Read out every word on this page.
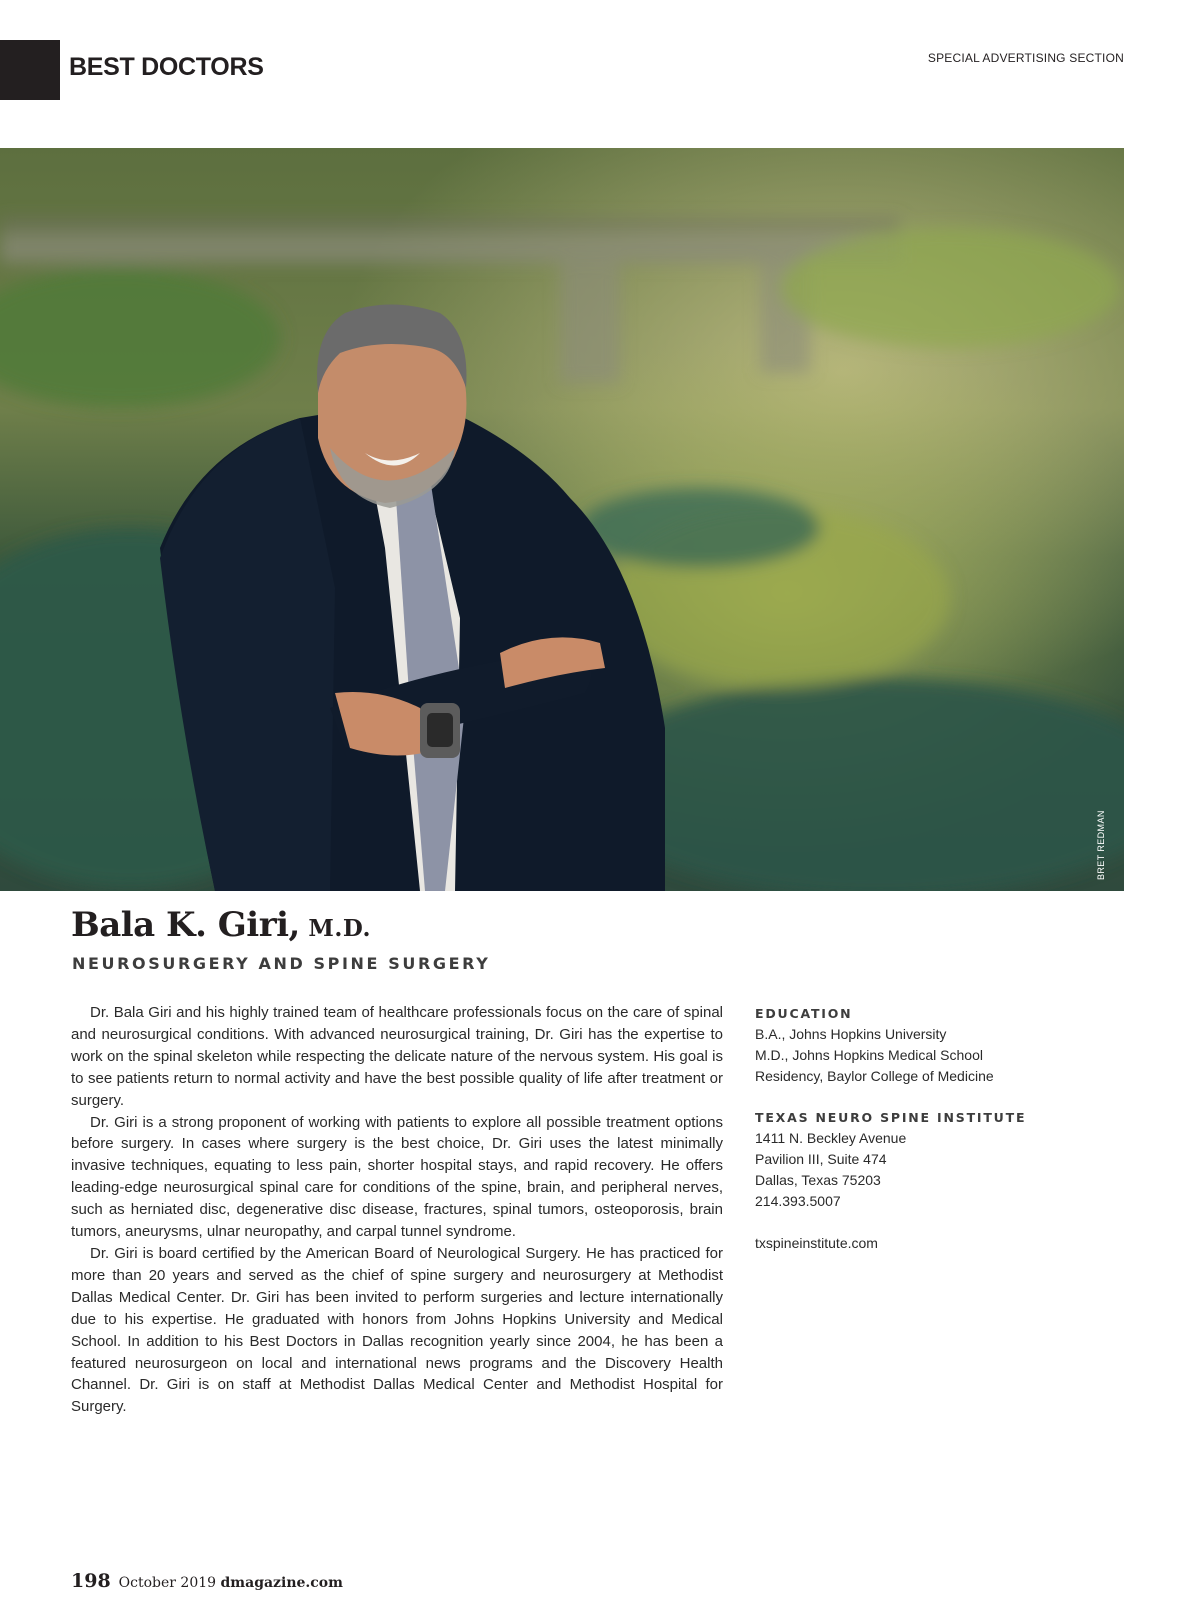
BEST DOCTORS	SPECIAL ADVERTISING SECTION
Bala K. Giri, M.D.
NEUROSURGERY AND SPINE SURGERY

Dr. Bala Giri and his highly trained team of healthcare professionals focus on the care of spinal and neurosurgical conditions. With advanced neurosurgical training, Dr. Giri has the expertise to work on the spinal skeleton while respecting the delicate nature of the nervous system. His goal is to see patients return to normal activity and have the best possible quality of life after treatment or surgery.

Dr. Giri is a strong proponent of working with patients to explore all possible treatment options before surgery. In cases where surgery is the best choice, Dr. Giri uses the latest minimally invasive techniques, equating to less pain, shorter hospital stays, and rapid recovery. He offers leading-edge neurosurgical spinal care for conditions of the spine, brain, and peripheral nerves, such as herniated disc, degenerative disc disease, fractures, spinal tumors, osteoporosis, brain tumors, aneurysms, ulnar neuropathy, and carpal tunnel syndrome.

Dr. Giri is board certified by the American Board of Neurological Surgery. He has practiced for more than 20 years and served as the chief of spine surgery and neurosurgery at Methodist Dallas Medical Center. Dr. Giri has been invited to perform surgeries and lecture internationally due to his expertise. He graduated with honors from Johns Hopkins University and Medical School. In addition to his Best Doctors in Dallas recognition yearly since 2004, he has been a featured neurosurgeon on local and international news programs and the Discovery Health Channel. Dr. Giri is on staff at Methodist Dallas Medical Center and Methodist Hospital for Surgery.

EDUCATION

B.A., Johns Hopkins University

M.D., Johns Hopkins Medical School

Residency, Baylor College of Medicine

TEXAS NEURO SPINE INSTITUTE

1411 N. Beckley Avenue

Pavilion III, Suite 474

Dallas, Texas 75203

214.393.5007

txspineinstitute.com

198 October 2019 dmagazine.com
